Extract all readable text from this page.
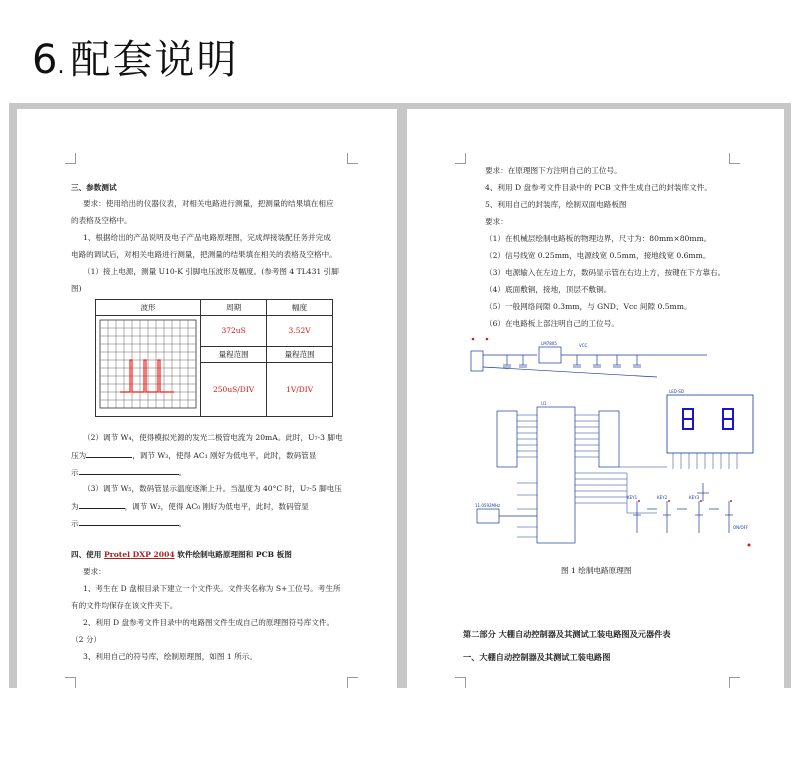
6. 配套说明
三、参数测试
要求：使用给出的仪器仪表，对相关电路进行测量，把测量的结果填在相应
的表格及空格中。
1、根据给出的产品说明及电子产品电路原理图，完成焊接装配任务并完成
电路的调试后，对相关电路进行测量，把测量的结果填在相关的表格及空格中。
（1）接上电源，测量 U10-K 引脚电压波形及幅度。(参考图 4 TL431 引脚
图)
波形	周期	幅度
	372uS	3.52V
	量程范围	量程范围
	250uS/DIV	1V/DIV
（2）调节 W₄，使得模拟光源的发光二极管电流为 20mA。此时，U₇-3 脚电
压为	，调节 W₃，使得 AC₁ 刚好为低电平，此时，数码管显
示	。
（3）调节 W₅，数码管显示温度逐渐上升。当温度为 40°C 时，U₇-5 脚电压
为	，调节 W₂，使得 AC₀ 刚好为低电平，此时，数码管显
示	。
四、使用 Protel DXP 2004 软件绘制电路原理图和 PCB 板图
要求：
1、考生在 D 盘根目录下建立一个文件夹。文件夹名称为 S+工位号。考生所
有的文件均保存在该文件夹下。
2、利用 D 盘参考文件目录中的电路图文件生成自己的原理图符号库文件。
（2 分）
3、利用自己的符号库，绘制原理图，如图 1 所示。
要求：在原理图下方注明自己的工位号。
4、利用 D 盘参考文件目录中的 PCB 文件生成自己的封装库文件。
5、利用自己的封装库，绘制双面电路板图
要求：
（1）在机械层绘制电路板的物理边界，尺寸为：80mm×80mm。
（2）信号线宽 0.25mm，电源线宽 0.5mm，接地线宽 0.6mm。
（3）电源输入在左边上方，数码显示管在右边上方，按键在下方靠右。
（4）底面敷铜，接地，顶层不敷铜。
（5）一般网络间隙 0.3mm，与 GND、Vcc 间隙 0.5mm。
（6）在电路板上部注明自己的工位号。
LM7805
U1
LED-SD
VCC
11.0592MHz
KEY1	KEY2	KEY3
ON/OFF
图 1 绘制电路原理图
第二部分 大棚自动控制器及其测试工装电路图及元器件表
一、大棚自动控制器及其测试工装电路图
